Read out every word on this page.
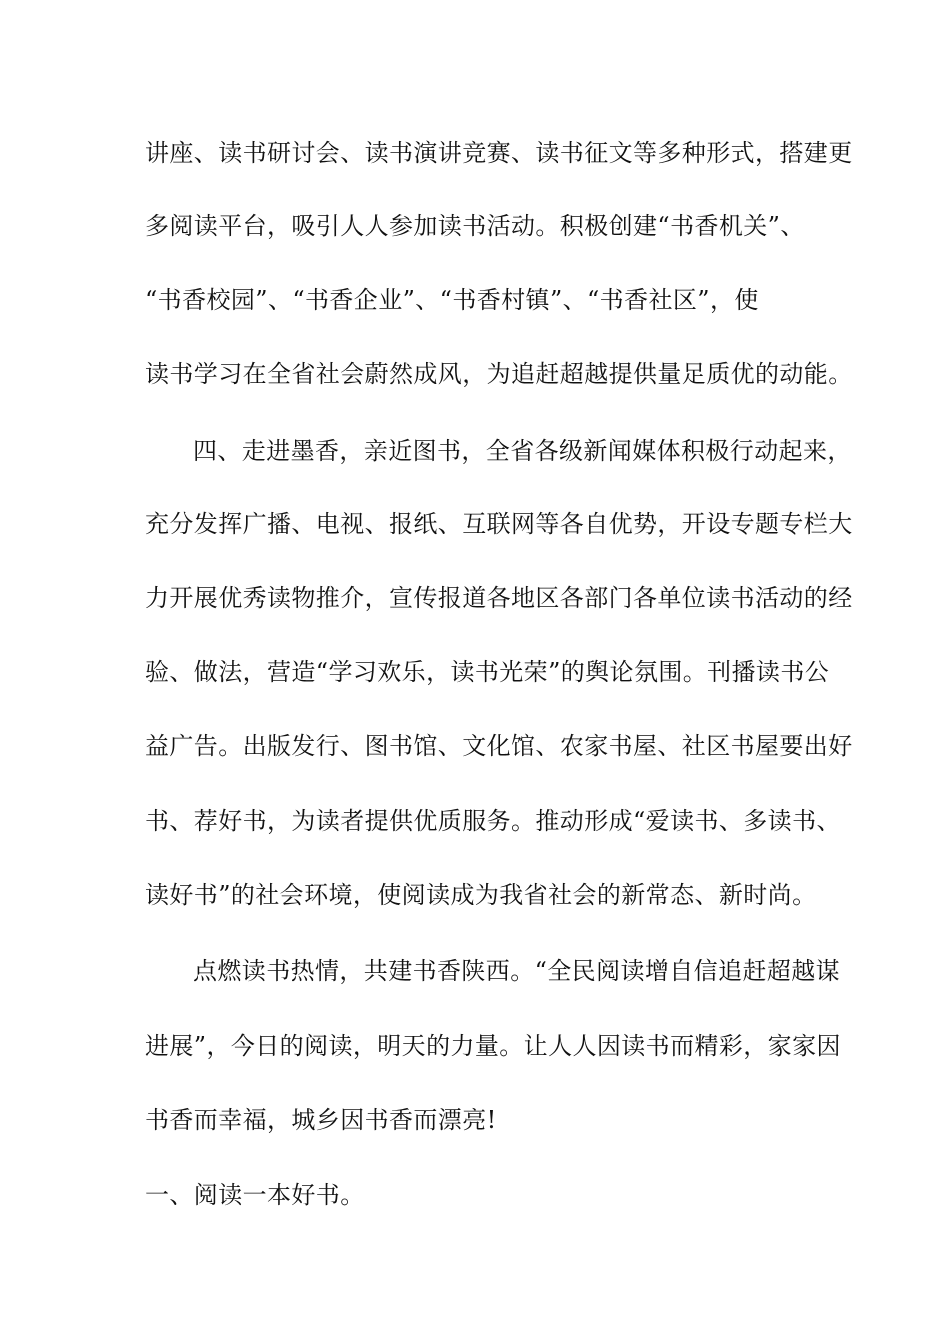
讲座、读书研讨会、读书演讲竞赛、读书征文等多种形式，搭建更
多阅读平台，吸引人人参加读书活动。积极创建“书香机关”、
“书香校园”、“书香企业”、“书香村镇”、“书香社区”，使
读书学习在全省社会蔚然成风，为追赶超越提供量足质优的动能。
四、走进墨香，亲近图书，全省各级新闻媒体积极行动起来，
充分发挥广播、电视、报纸、互联网等各自优势，开设专题专栏大
力开展优秀读物推介，宣传报道各地区各部门各单位读书活动的经
验、做法，营造“学习欢乐，读书光荣”的舆论氛围。刊播读书公
益广告。出版发行、图书馆、文化馆、农家书屋、社区书屋要出好
书、荐好书，为读者提供优质服务。推动形成“爱读书、多读书、
读好书”的社会环境，使阅读成为我省社会的新常态、新时尚。
点燃读书热情，共建书香陕西。“全民阅读增自信追赶超越谋
进展”，今日的阅读，明天的力量。让人人因读书而精彩，家家因
书香而幸福，城乡因书香而漂亮!
一、阅读一本好书。
